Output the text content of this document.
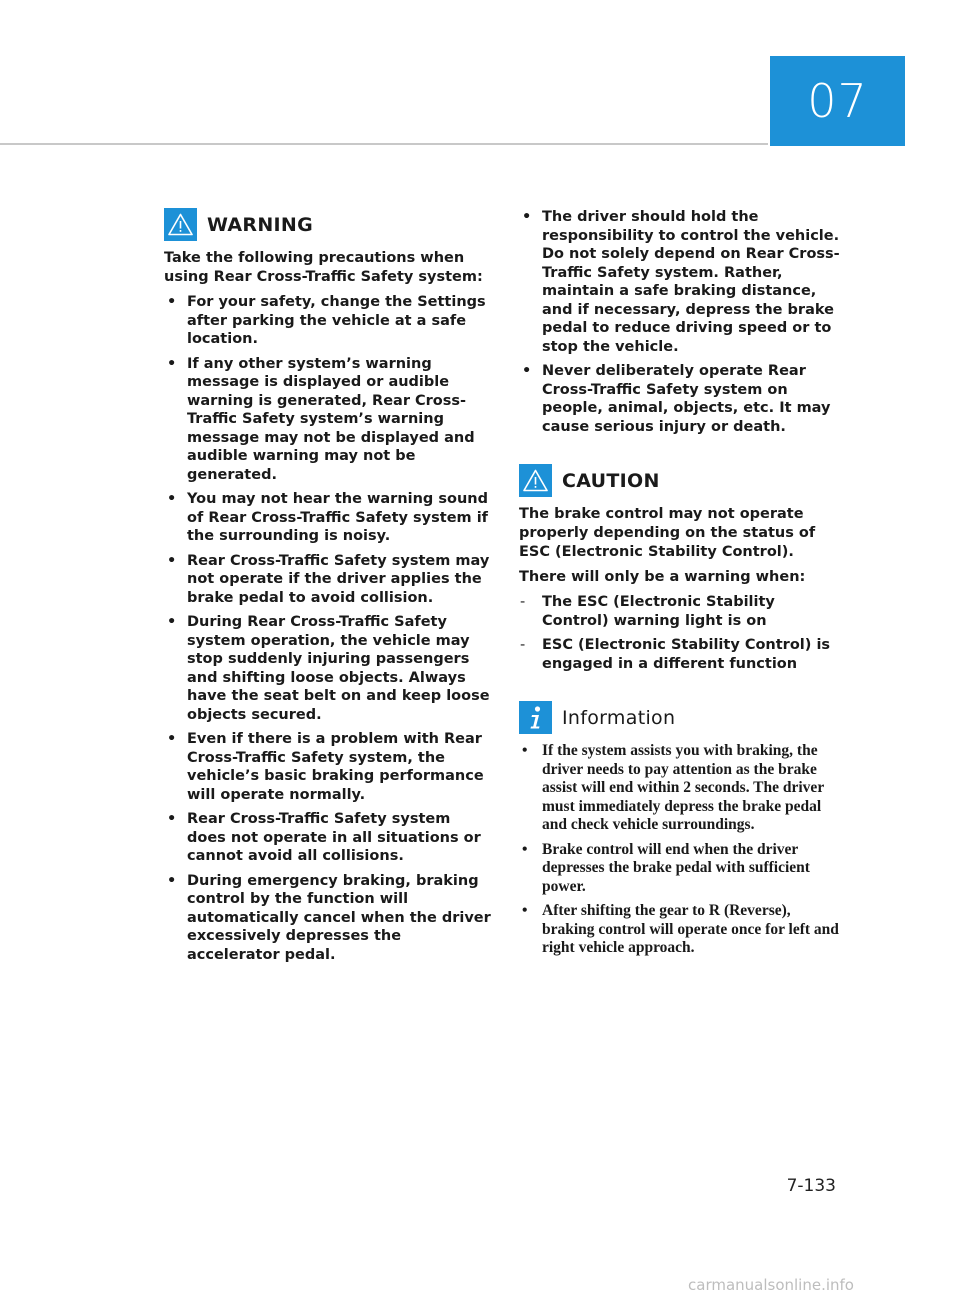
07
WARNING

Take the following precautions when using Rear Cross-Traffic Safety system:

• For your safety, change the Settings after parking the vehicle at a safe location.
• If any other system’s warning message is displayed or audible warning is generated, Rear Cross-Traffic Safety system’s warning message may not be displayed and audible warning may not be generated.
• You may not hear the warning sound of Rear Cross-Traffic Safety system if the surrounding is noisy.
• Rear Cross-Traffic Safety system may not operate if the driver applies the brake pedal to avoid collision.
• During Rear Cross-Traffic Safety system operation, the vehicle may stop suddenly injuring passengers and shifting loose objects. Always have the seat belt on and keep loose objects secured.
• Even if there is a problem with Rear Cross-Traffic Safety system, the vehicle’s basic braking performance will operate normally.
• Rear Cross-Traffic Safety system does not operate in all situations or cannot avoid all collisions.
• During emergency braking, braking control by the function will automatically cancel when the driver excessively depresses the accelerator pedal.
• The driver should hold the responsibility to control the vehicle. Do not solely depend on Rear Cross-Traffic Safety system. Rather, maintain a safe braking distance, and if necessary, depress the brake pedal to reduce driving speed or to stop the vehicle.
• Never deliberately operate Rear Cross-Traffic Safety system on people, animal, objects, etc. It may cause serious injury or death.
CAUTION

The brake control may not operate properly depending on the status of ESC (Electronic Stability Control).

There will only be a warning when:

- The ESC (Electronic Stability Control) warning light is on
- ESC (Electronic Stability Control) is engaged in a different function
Information
• If the system assists you with braking, the driver needs to pay attention as the brake assist will end within 2 seconds. The driver must immediately depress the brake pedal and check vehicle surroundings.
• Brake control will end when the driver depresses the brake pedal with sufficient power.
• After shifting the gear to R (Reverse), braking control will operate once for left and right vehicle approach.
7-133
carmanualsonline.info
